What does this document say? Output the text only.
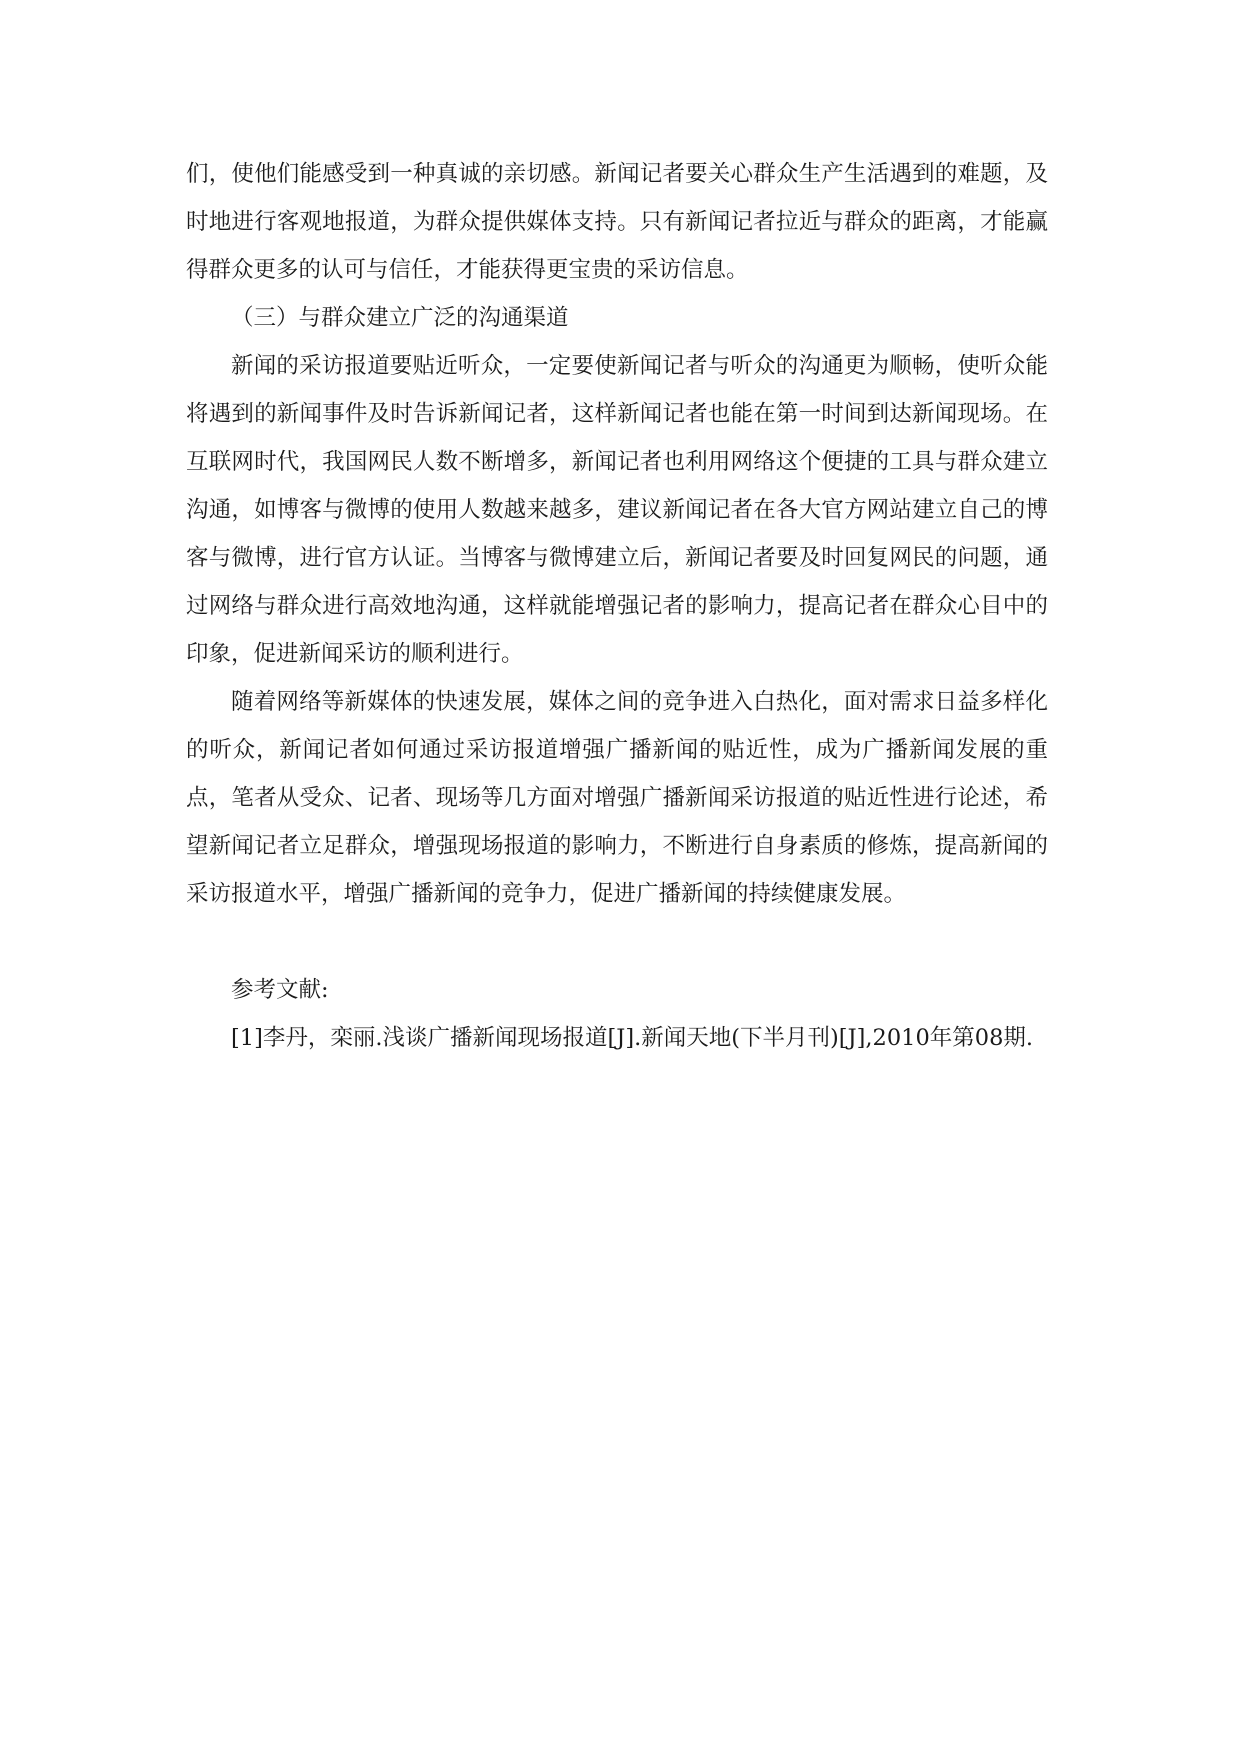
们，使他们能感受到一种真诚的亲切感。新闻记者要关心群众生产生活遇到的难题，及时地进行客观地报道，为群众提供媒体支持。只有新闻记者拉近与群众的距离，才能赢得群众更多的认可与信任，才能获得更宝贵的采访信息。

（三）与群众建立广泛的沟通渠道

新闻的采访报道要贴近听众，一定要使新闻记者与听众的沟通更为顺畅，使听众能将遇到的新闻事件及时告诉新闻记者，这样新闻记者也能在第一时间到达新闻现场。在互联网时代，我国网民人数不断增多，新闻记者也利用网络这个便捷的工具与群众建立沟通，如博客与微博的使用人数越来越多，建议新闻记者在各大官方网站建立自己的博客与微博，进行官方认证。当博客与微博建立后，新闻记者要及时回复网民的问题，通过网络与群众进行高效地沟通，这样就能增强记者的影响力，提高记者在群众心目中的印象，促进新闻采访的顺利进行。

随着网络等新媒体的快速发展，媒体之间的竞争进入白热化，面对需求日益多样化的听众，新闻记者如何通过采访报道增强广播新闻的贴近性，成为广播新闻发展的重点，笔者从受众、记者、现场等几方面对增强广播新闻采访报道的贴近性进行论述，希望新闻记者立足群众，增强现场报道的影响力，不断进行自身素质的修炼，提高新闻的采访报道水平，增强广播新闻的竞争力，促进广播新闻的持续健康发展。

参考文献:

[1]李丹，栾丽.浅谈广播新闻现场报道[J].新闻天地(下半月刊)[J],2010年第08期.
